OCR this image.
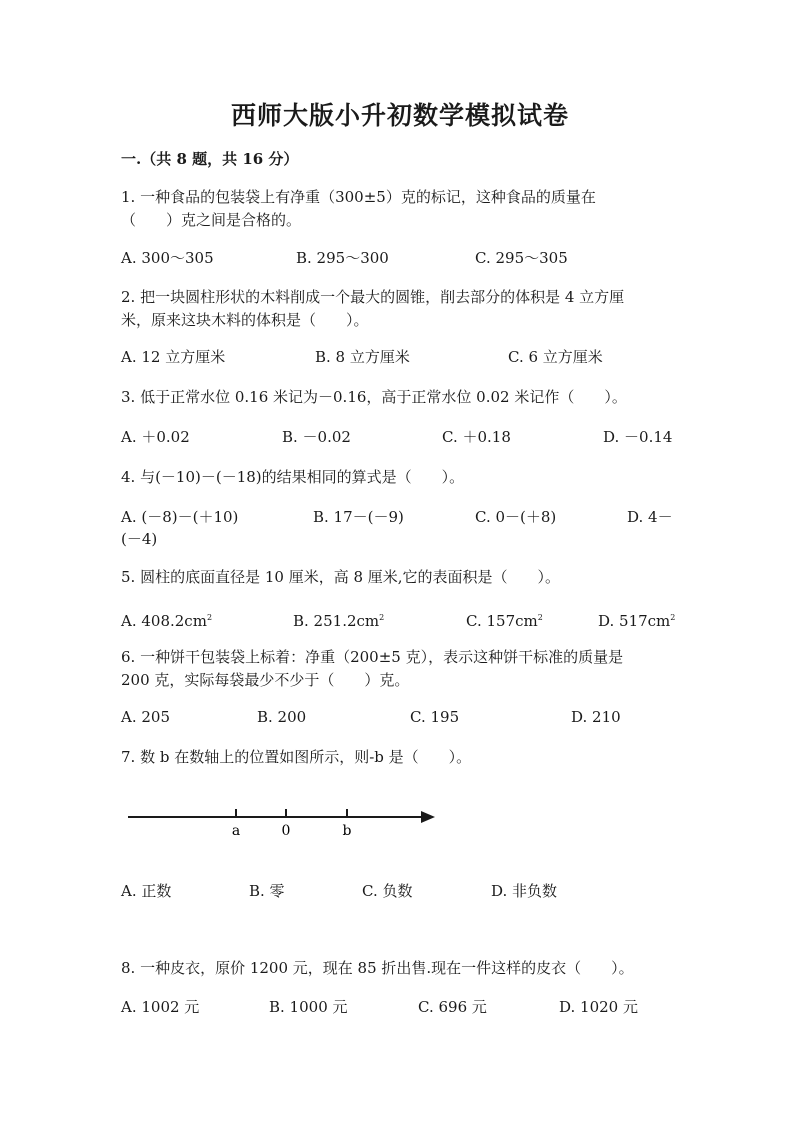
西师大版小升初数学模拟试卷
一.（共 8 题，共 16 分）
1. 一种食品的包装袋上有净重（300±5）克的标记，这种食品的质量在
（　　）克之间是合格的。
A. 300～305	B. 295～300	C. 295～305
2. 把一块圆柱形状的木料削成一个最大的圆锥，削去部分的体积是 4 立方厘
米，原来这块木料的体积是（　　）。
A. 12 立方厘米	B. 8 立方厘米	C. 6 立方厘米
3. 低于正常水位 0.16 米记为－0.16，高于正常水位 0.02 米记作（　　）。
A. ＋0.02	B. －0.02	C. ＋0.18	D. －0.14
4. 与(－10)－(－18)的结果相同的算式是（　　）。
A. (－8)－(＋10)	B. 17－(－9)	C. 0－(＋8)	D. 4－
(－4)
5. 圆柱的底面直径是 10 厘米，高 8 厘米,它的表面积是（　　）。
A. $408.2cm^2$	B. $251.2cm^2$	C. $157cm^2$	D. $517cm^2$
6. 一种饼干包装袋上标着：净重（200±5 克），表示这种饼干标准的质量是
200 克，实际每袋最少不少于（　　）克。
A. 205	B. 200	C. 195	D. 210
7. 数 b 在数轴上的位置如图所示，则-b 是（　　）。
a	0	b
A. 正数	B. 零	C. 负数	D. 非负数
8. 一种皮衣，原价 1200 元，现在 85 折出售.现在一件这样的皮衣（　　）。
A. 1002 元	B. 1000 元	C. 696 元	D. 1020 元
